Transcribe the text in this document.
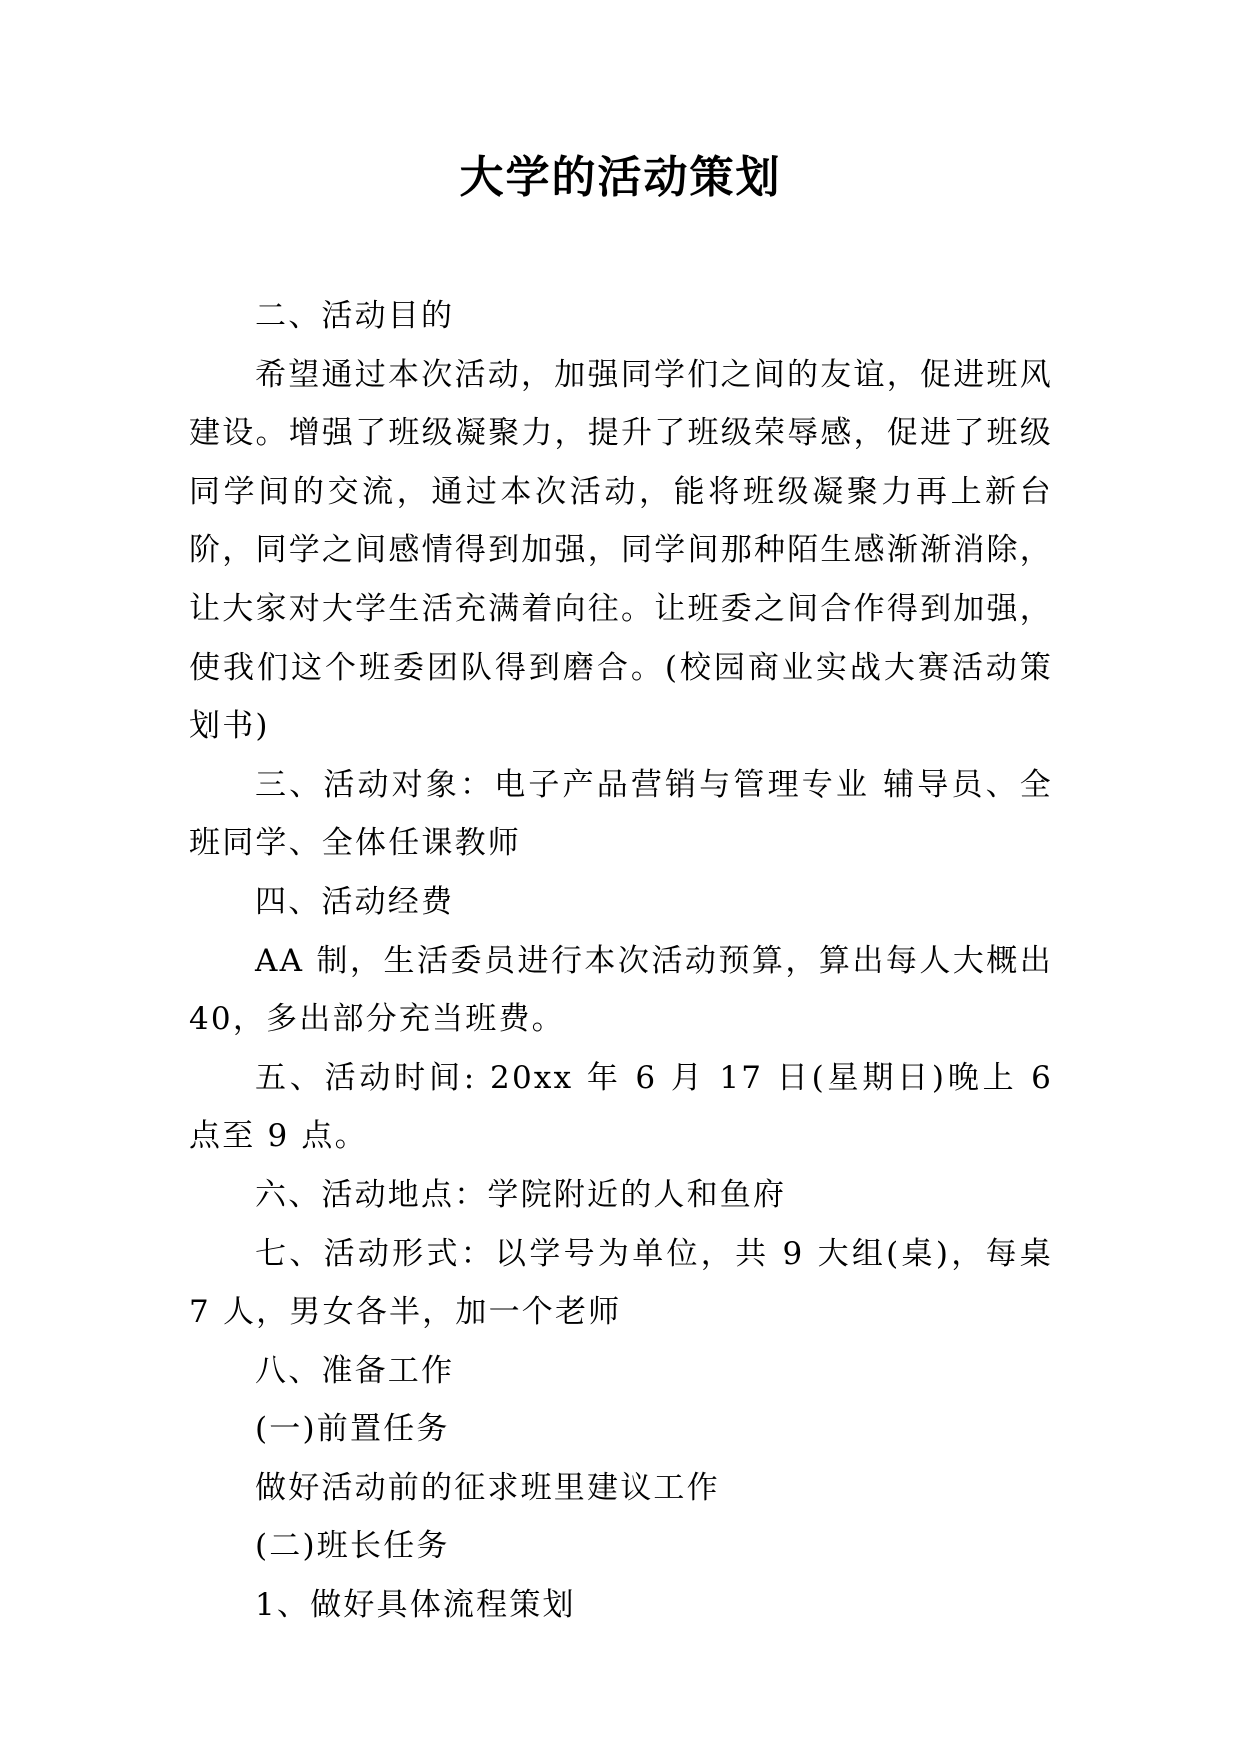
大学的活动策划

二、活动目的

希望通过本次活动，加强同学们之间的友谊，促进班风建设。增强了班级凝聚力，提升了班级荣辱感，促进了班级同学间的交流，通过本次活动，能将班级凝聚力再上新台阶，同学之间感情得到加强，同学间那种陌生感渐渐消除，让大家对大学生活充满着向往。让班委之间合作得到加强，使我们这个班委团队得到磨合。(校园商业实战大赛活动策划书)

三、活动对象：电子产品营销与管理专业 辅导员、全班同学、全体任课教师

四、活动经费

AA 制，生活委员进行本次活动预算，算出每人大概出40，多出部分充当班费。

五、活动时间: 20xx 年 6 月 17 日(星期日)晚上 6 点至 9 点。

六、活动地点：学院附近的人和鱼府

七、活动形式：以学号为单位，共 9 大组(桌)，每桌 7 人，男女各半，加一个老师

八、准备工作

(一)前置任务

做好活动前的征求班里建议工作

(二)班长任务

1、做好具体流程策划
